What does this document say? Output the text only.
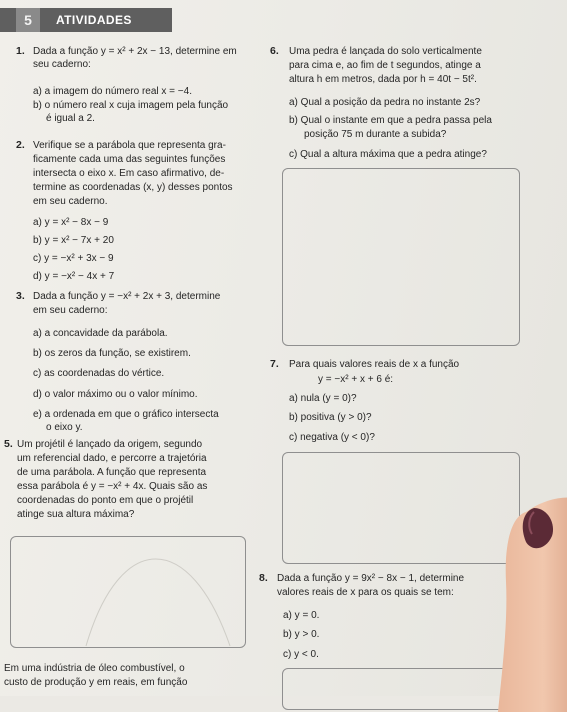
5	ATIVIDADES
1. Dada a função y = x² + 2x − 13, determine em
seu caderno:
a) a imagem do número real x = −4.
b) o número real x cuja imagem pela função
é igual a 2.
2. Verifique se a parábola que representa gra-
ficamente cada uma das seguintes funções
intersecta o eixo x. Em caso afirmativo, de-
termine as coordenadas (x, y) desses pontos
em seu caderno.
a) y = x² − 8x − 9
b) y = x² − 7x + 20
c) y = −x² + 3x − 9
d) y = −x² − 4x + 7
3. Dada a função y = −x² + 2x + 3, determine
em seu caderno:
a) a concavidade da parábola.
b) os zeros da função, se existirem.
c) as coordenadas do vértice.
d) o valor máximo ou o valor mínimo.
e) a ordenada em que o gráfico intersecta
o eixo y.
5. Um projétil é lançado da origem, segundo
um referencial dado, e percorre a trajetória
de uma parábola. A função que representa
essa parábola é y = −x² + 4x. Quais são as
coordenadas do ponto em que o projétil
atinge sua altura máxima?
Em uma indústria de óleo combustível, o
custo de produção y em reais, em função
6. Uma pedra é lançada do solo verticalmente
para cima e, ao fim de t segundos, atinge a
altura h em metros, dada por h = 40t − 5t².
a) Qual a posição da pedra no instante 2s?
b) Qual o instante em que a pedra passa pela
posição 75 m durante a subida?
c) Qual a altura máxima que a pedra atinge?
7. Para quais valores reais de x a função
y = −x² + x + 6 é:
a) nula (y = 0)?
b) positiva (y > 0)?
c) negativa (y < 0)?
8. Dada a função y = 9x² − 8x − 1, determine
valores reais de x para os quais se tem:
a) y = 0.
b) y > 0.
c) y < 0.
